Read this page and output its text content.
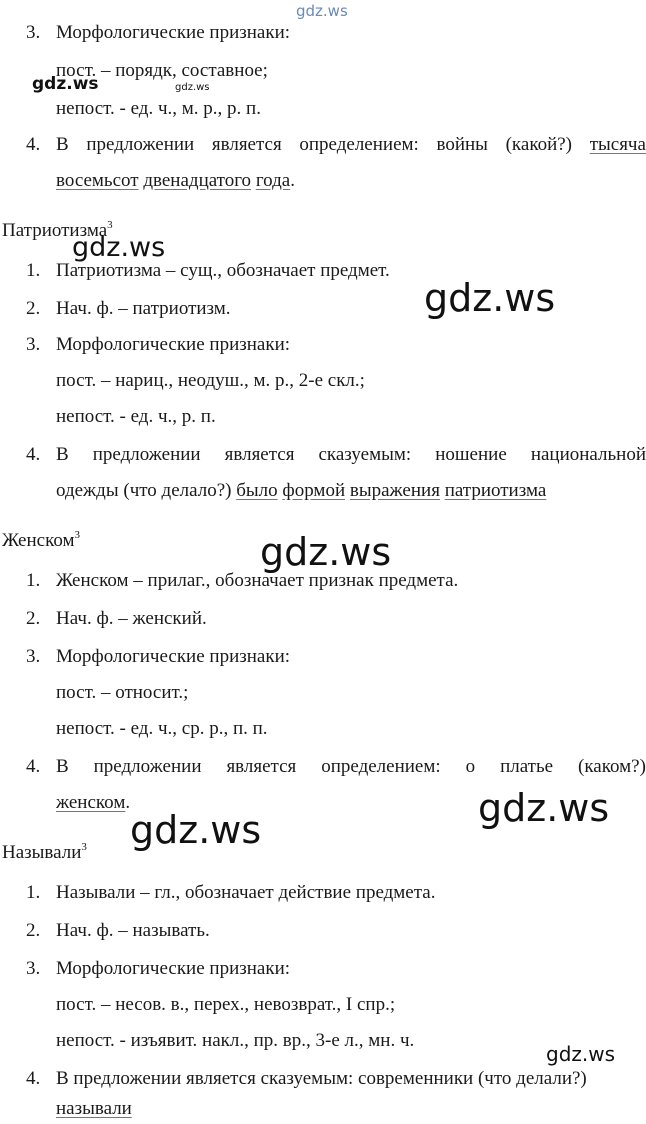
gdz.ws
gdz.ws	gdz.ws
gdz.ws
gdz.ws
gdz.ws
gdz.ws
gdz.ws
gdz.ws
3. Морфологические признаки:
пост. – порядк, составное;
непост. - ед. ч., м. р., р. п.
4. В предложении является определением: войны (какой?) тысяча
восемьсот двенадцатого года.
Патриотизма$^3$
1. Патриотизма – сущ., обозначает предмет.
2. Нач. ф. – патриотизм.
3. Морфологические признаки:
пост. – нариц., неодуш., м. р., 2-е скл.;
непост. - ед. ч., р. п.
4. В предложении является сказуемым: ношение национальной
одежды (что делало?) было формой выражения патриотизма
Женском$^3$
1. Женском – прилаг., обозначает признак предмета.
2. Нач. ф. – женский.
3. Морфологические признаки:
пост. – относит.;
непост. - ед. ч., ср. р., п. п.
4. В предложении является определением: о платье (каком?)
женском.
Называли$^3$
1. Называли – гл., обозначает действие предмета.
2. Нач. ф. – называть.
3. Морфологические признаки:
пост. – несов. в., перех., невозврат., I спр.;
непост. - изъявит. накл., пр. вр., 3-е л., мн. ч.
4. В предложении является сказуемым: современники (что делали?)
называли
